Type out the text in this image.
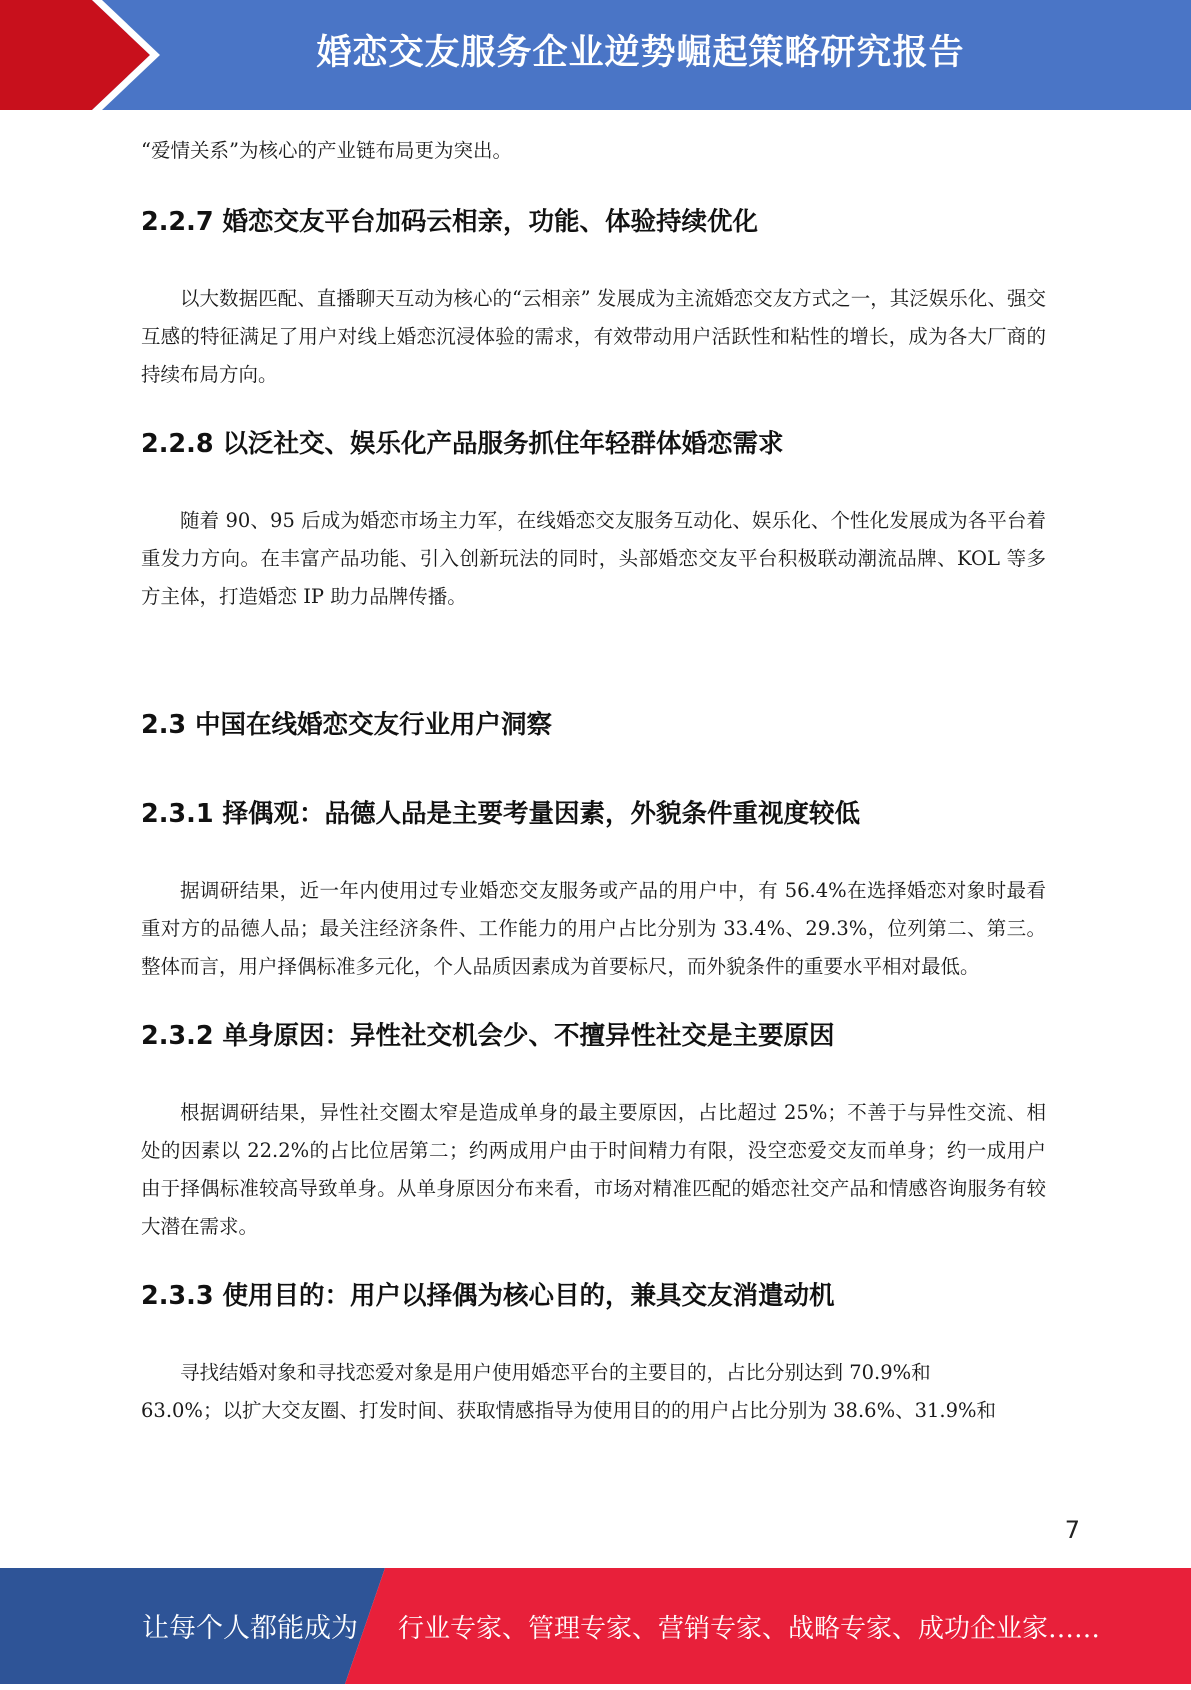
婚恋交友服务企业逆势崛起策略研究报告

“爱情关系”为核心的产业链布局更为突出。

2.2.7 婚恋交友平台加码云相亲，功能、体验持续优化

以大数据匹配、直播聊天互动为核心的“云相亲” 发展成为主流婚恋交友方式之一，其泛娱乐化、强交互感的特征满足了用户对线上婚恋沉浸体验的需求，有效带动用户活跃性和粘性的增长，成为各大厂商的持续布局方向。

2.2.8 以泛社交、娱乐化产品服务抓住年轻群体婚恋需求

随着 90、95 后成为婚恋市场主力军，在线婚恋交友服务互动化、娱乐化、个性化发展成为各平台着重发力方向。在丰富产品功能、引入创新玩法的同时，头部婚恋交友平台积极联动潮流品牌、KOL 等多方主体，打造婚恋 IP 助力品牌传播。

2.3 中国在线婚恋交友行业用户洞察
2.3.1 择偶观：品德人品是主要考量因素，外貌条件重视度较低

据调研结果，近一年内使用过专业婚恋交友服务或产品的用户中，有 56.4%在选择婚恋对象时最看重对方的品德人品；最关注经济条件、工作能力的用户占比分别为 33.4%、29.3%，位列第二、第三。整体而言，用户择偶标准多元化，个人品质因素成为首要标尺，而外貌条件的重要水平相对最低。

2.3.2 单身原因：异性社交机会少、不擅异性社交是主要原因

根据调研结果，异性社交圈太窄是造成单身的最主要原因，占比超过 25%；不善于与异性交流、相处的因素以 22.2%的占比位居第二；约两成用户由于时间精力有限，没空恋爱交友而单身；约一成用户由于择偶标准较高导致单身。从单身原因分布来看，市场对精准匹配的婚恋社交产品和情感咨询服务有较大潜在需求。

2.3.3 使用目的：用户以择偶为核心目的，兼具交友消遣动机

寻找结婚对象和寻找恋爱对象是用户使用婚恋平台的主要目的，占比分别达到 70.9%和

63.0%；以扩大交友圈、打发时间、获取情感指导为使用目的的用户占比分别为 38.6%、31.9%和

7
让每个人都能成为 行业专家、管理专家、营销专家、战略专家、成功企业家……
